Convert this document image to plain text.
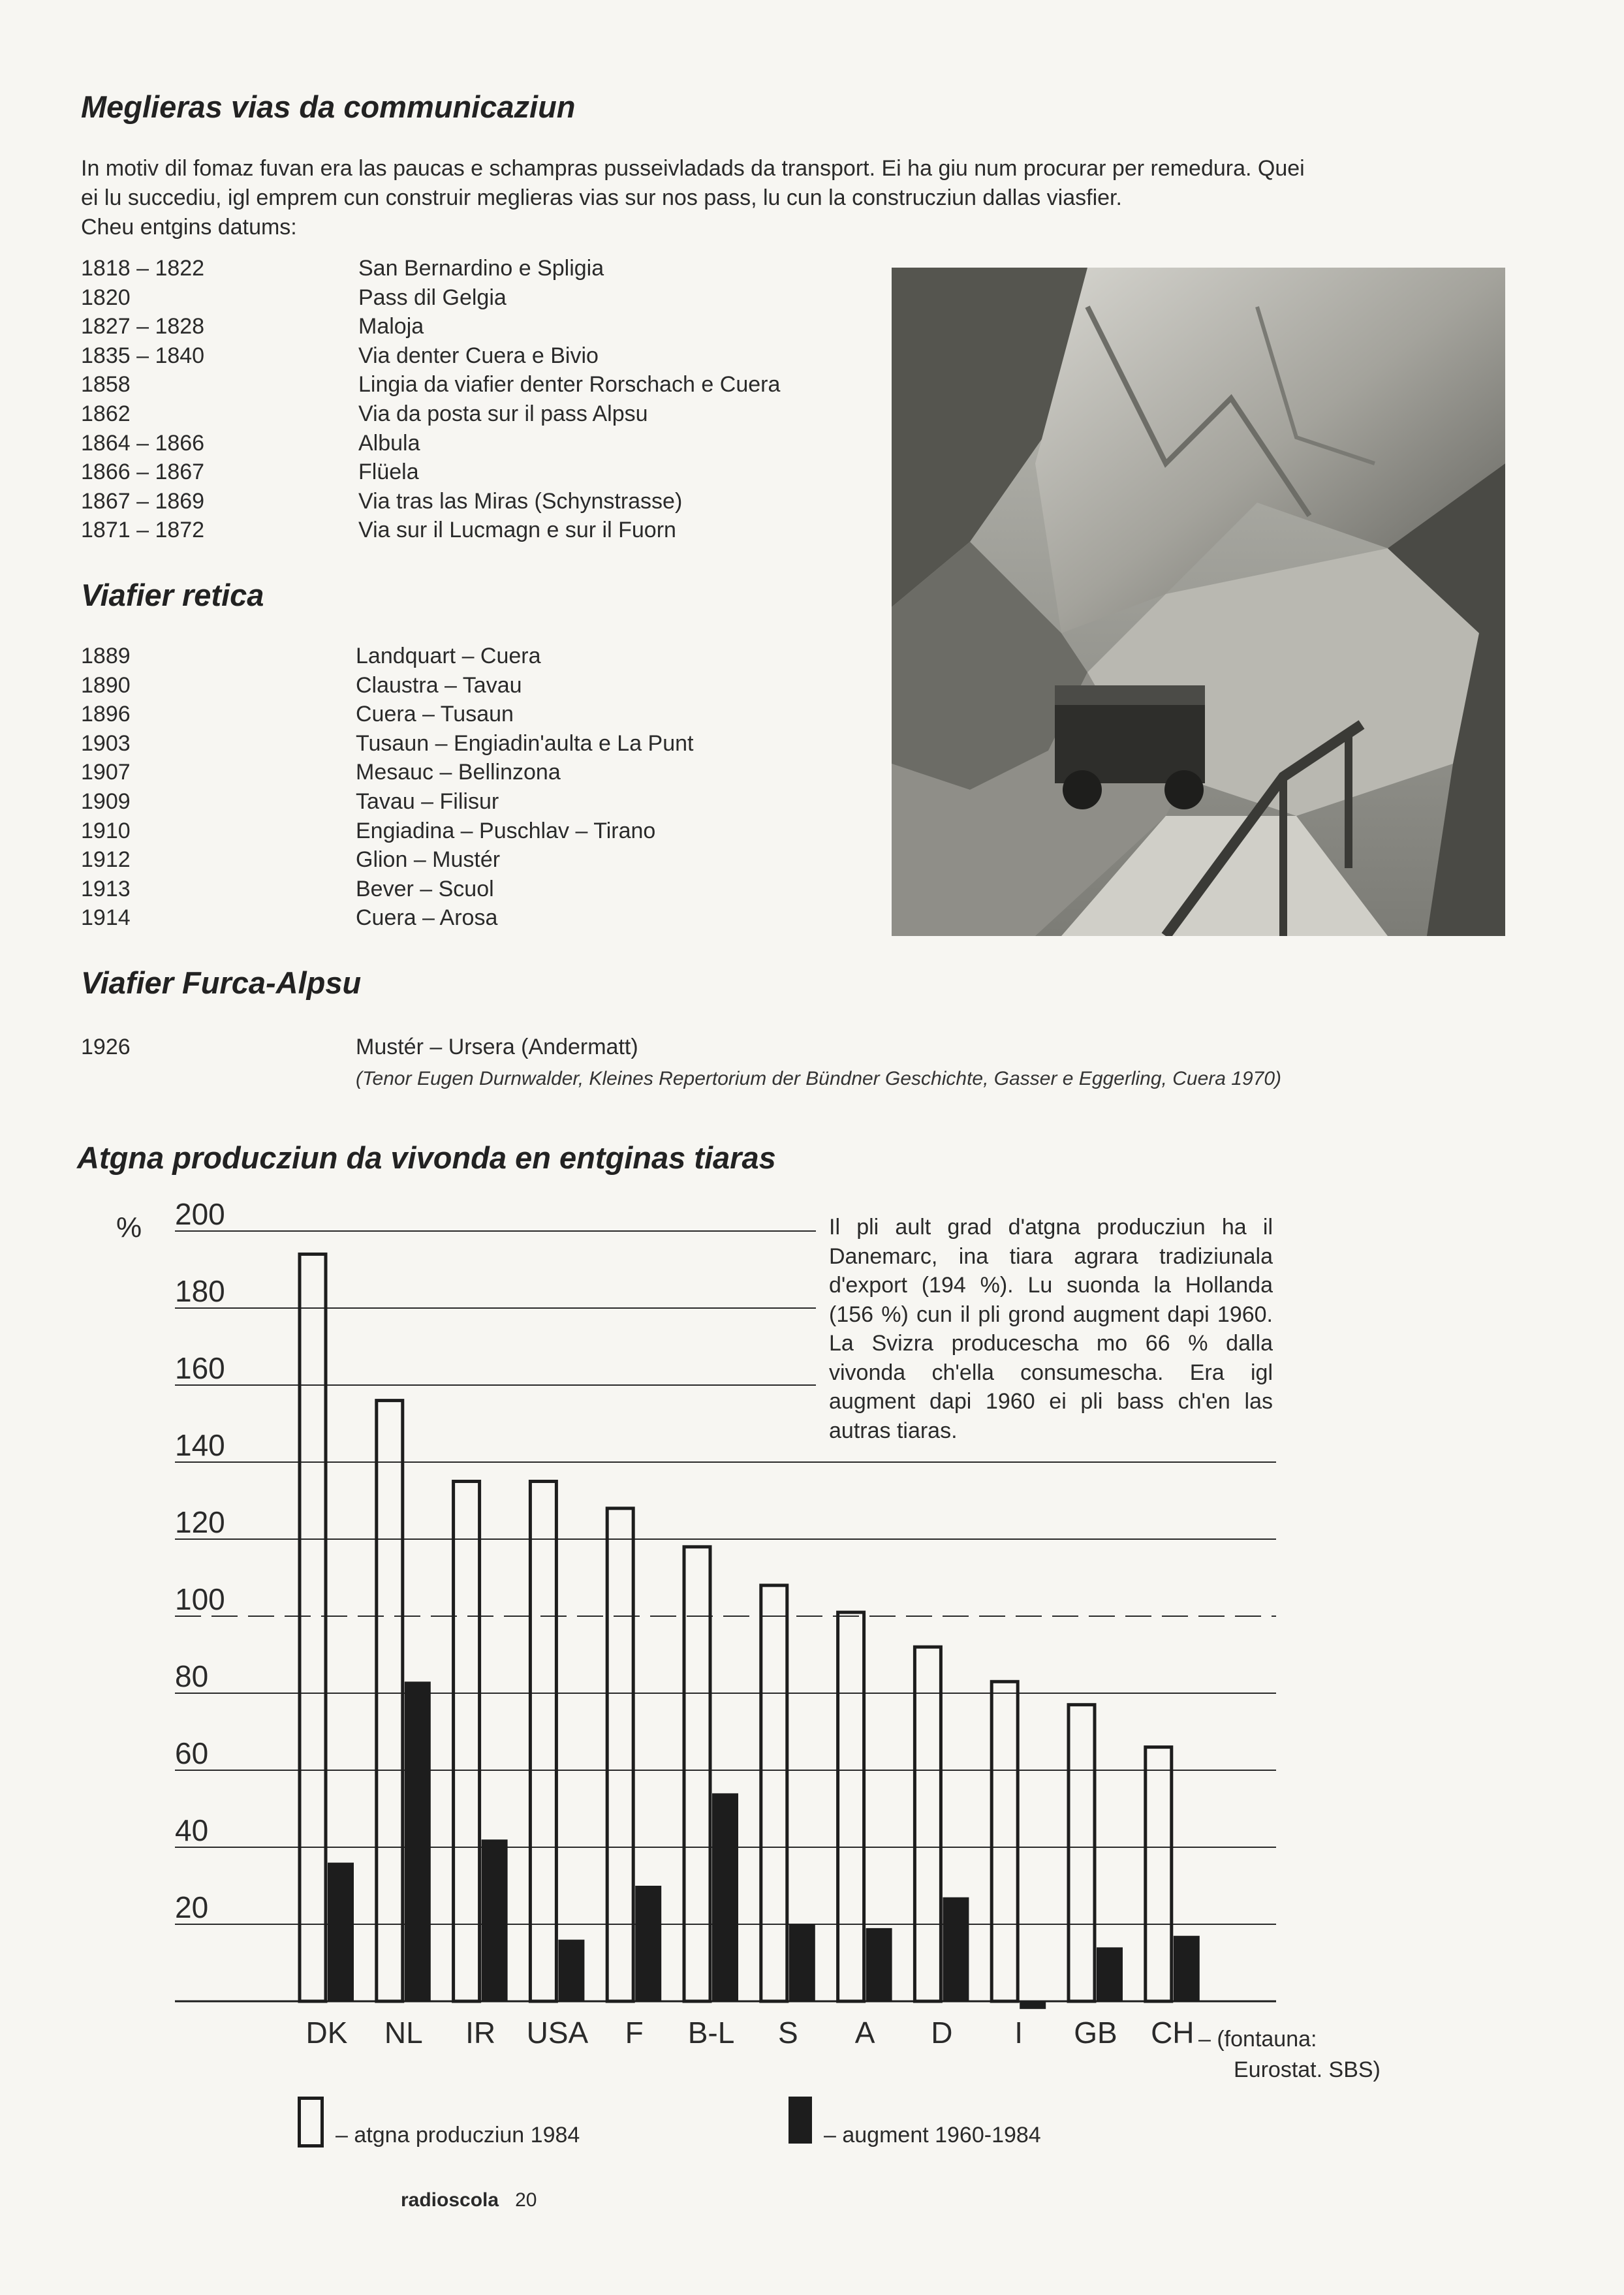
Meglieras vias da communicaziun

In motiv dil fomaz fuvan era las paucas e schampras pusseivladads da transport. Ei ha giu num procurar per remedura. Quei

ei lu succediu, igl emprem cun construir meglieras vias sur nos pass, lu cun la construcziun dallas viasfier.

Cheu entgins datums:

1818 – 1822	San Bernardino e Spligia
1820	Pass dil Gelgia
1827 – 1828	Maloja
1835 – 1840	Via denter Cuera e Bivio
1858	Lingia da viafier denter Rorschach e Cuera
1862	Via da posta sur il pass Alpsu
1864 – 1866	Albula
1866 – 1867	Flüela
1867 – 1869	Via tras las Miras (Schynstrasse)
1871 – 1872	Via sur il Lucmagn e sur il Fuorn
Viafier retica
1889	Landquart – Cuera
1890	Claustra – Tavau
1896	Cuera – Tusaun
1903	Tusaun – Engiadin'aulta e La Punt
1907	Mesauc – Bellinzona
1909	Tavau – Filisur
1910	Engiadina – Puschlav – Tirano
1912	Glion – Mustér
1913	Bever – Scuol
1914	Cuera – Arosa
Viafier Furca-Alpsu
1926	Mustér – Ursera (Andermatt)
(Tenor Eugen Durnwalder, Kleines Repertorium der Bündner Geschichte, Gasser e Eggerling, Cuera 1970)
Atgna producziun da vivonda en entginas tiaras
Il pli ault grad d'atgna producziun ha il Danemarc, ina tiara agrara tradiziunala d'export (194 %). Lu suonda la Hollanda (156 %) cun il pli grond augment dapi 1960. La Svizra producescha mo 66 % dalla vivonda ch'ella consumescha. Era igl augment dapi 1960 ei pli bass ch'en las autras tiaras.
20
40
60
80
100
120
140
160
180
200
%
DK NL IR USA F B-L S A D I GB CH – (fontauna:
Eurostat. SBS)
– atgna producziun 1984	– augment 1960-1984
radioscola 20
